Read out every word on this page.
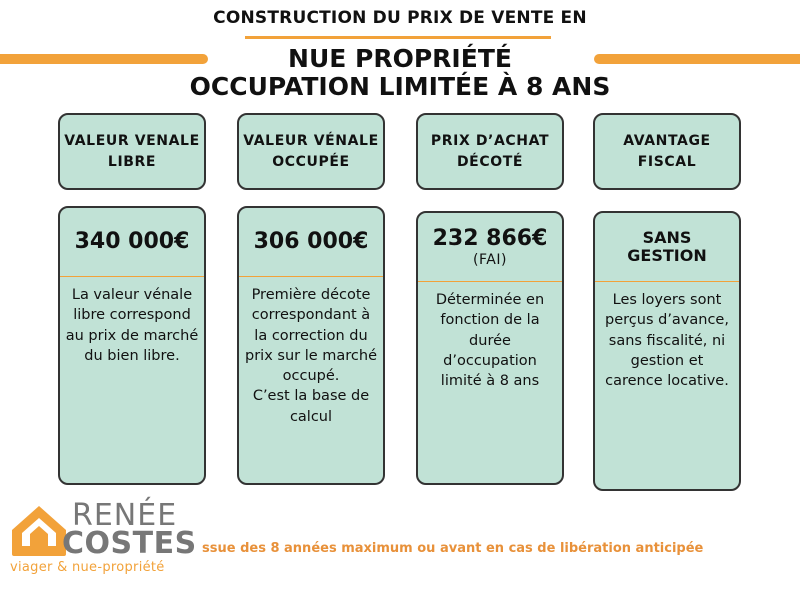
CONSTRUCTION DU PRIX DE VENTE EN
NUE PROPRIÉTÉ
OCCUPATION LIMITÉE À 8 ANS
VALEUR VENALE
LIBRE
VALEUR VÉNALE
OCCUPÉE
PRIX D’ACHAT
DÉCOTÉ
AVANTAGE
FISCAL
340 000€
La valeur vénale
libre correspond
au prix de marché
du bien libre.
306 000€
Première décote
correspondant à
la correction du
prix sur le marché
occupé.
C’est la base de
calcul
232 866€
(FAI)
Déterminée en
fonction de la
durée
d’occupation
limité à 8 ans
SANS
GESTION
Les loyers sont
perçus d’avance,
sans fiscalité, ni
gestion et
carence locative.
RENÉE
COSTES
viager & nue-propriété
ssue des 8 années maximum ou avant en cas de libération anticipée
